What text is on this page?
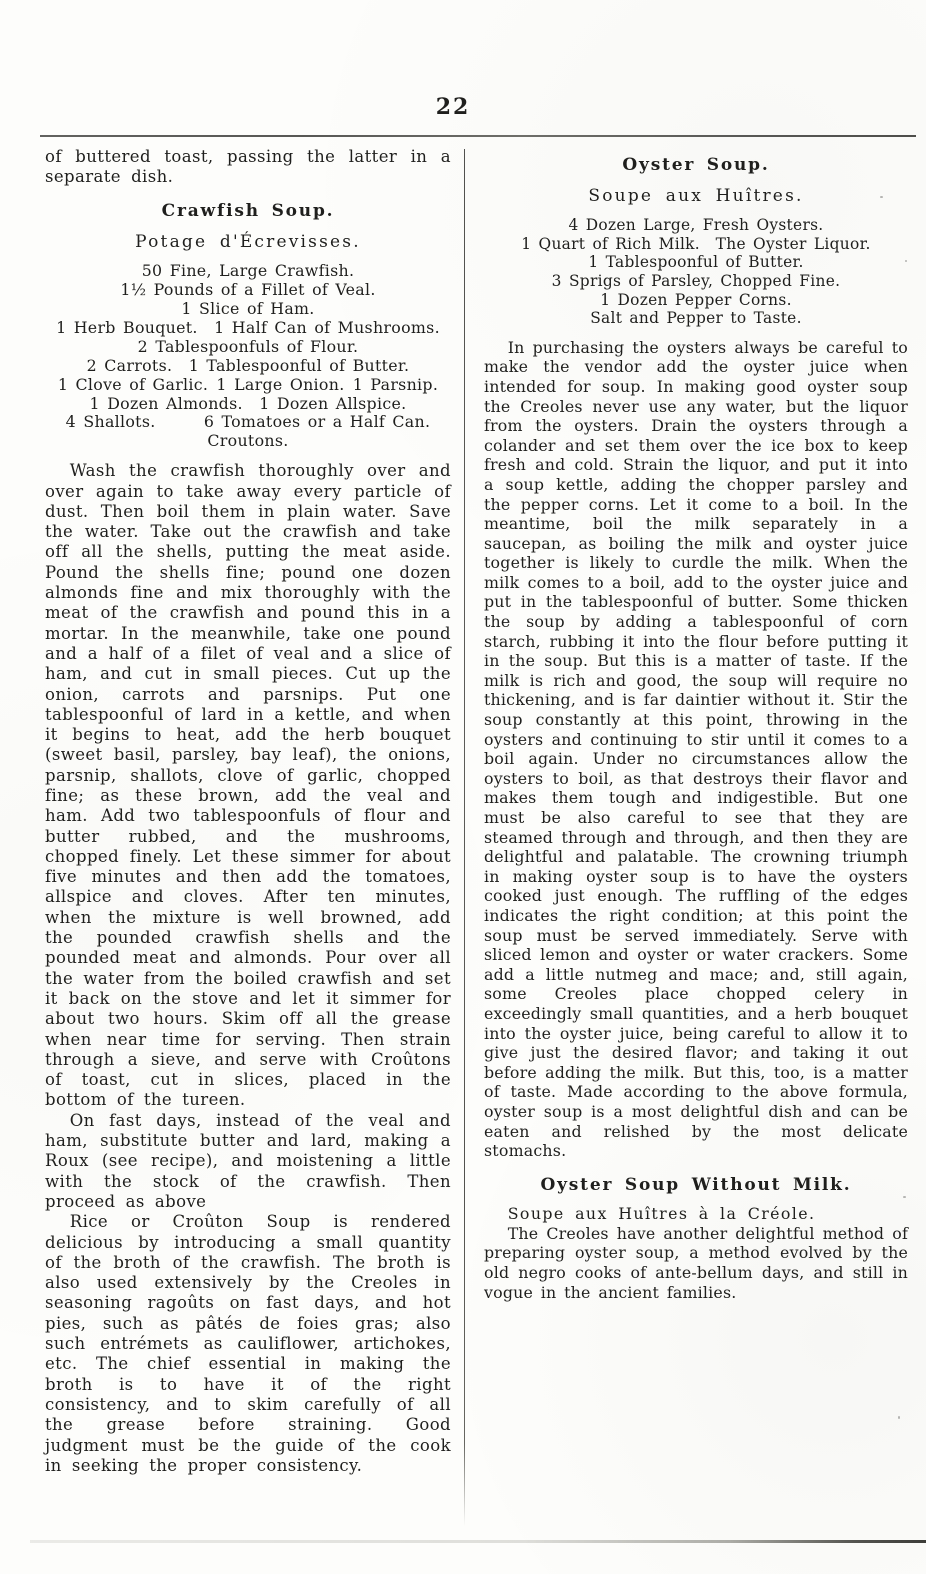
22

of buttered toast, passing the latter in a separate dish.

Crawfish Soup.
Potage d'Écrevisses.
50 Fine, Large Crawfish.
1½ Pounds of a Fillet of Veal.
1 Slice of Ham.
1 Herb Bouquet.  1 Half Can of Mushrooms.
2 Tablespoonfuls of Flour.
2 Carrots.  1 Tablespoonful of Butter.
1 Clove of Garlic. 1 Large Onion. 1 Parsnip.
1 Dozen Almonds.  1 Dozen Allspice.
4 Shallots.   6 Tomatoes or a Half Can.
Croutons.

Wash the crawfish thoroughly over and over again to take away every particle of dust. Then boil them in plain water. Save the water. Take out the crawfish and take off all the shells, putting the meat aside. Pound the shells fine; pound one dozen almonds fine and mix thoroughly with the meat of the crawfish and pound this in a mortar. In the meanwhile, take one pound and a half of a filet of veal and a slice of ham, and cut in small pieces. Cut up the onion, carrots and parsnips. Put one tablespoonful of lard in a kettle, and when it begins to heat, add the herb bouquet (sweet basil, parsley, bay leaf), the onions, parsnip, shallots, clove of garlic, chopped fine; as these brown, add the veal and ham. Add two tablespoonfuls of flour and butter rubbed, and the mushrooms, chopped finely. Let these simmer for about five minutes and then add the tomatoes, allspice and cloves. After ten minutes, when the mixture is well browned, add the pounded crawfish shells and the pounded meat and almonds. Pour over all the water from the boiled crawfish and set it back on the stove and let it simmer for about two hours. Skim off all the grease when near time for serving. Then strain through a sieve, and serve with Croûtons of toast, cut in slices, placed in the bottom of the tureen.

On fast days, instead of the veal and ham, substitute butter and lard, making a Roux (see recipe), and moistening a little with the stock of the crawfish. Then proceed as above

Rice or Croûton Soup is rendered delicious by introducing a small quantity of the broth of the crawfish. The broth is also used extensively by the Creoles in seasoning ragoûts on fast days, and hot pies, such as pâtés de foies gras; also such entrémets as cauliflower, artichokes, etc. The chief essential in making the broth is to have it of the right consistency, and to skim carefully of all the grease before straining. Good judgment must be the guide of the cook in seeking the proper consistency.

Oyster Soup.
Soupe aux Huîtres.
4 Dozen Large, Fresh Oysters.
1 Quart of Rich Milk. The Oyster Liquor.
1 Tablespoonful of Butter.
3 Sprigs of Parsley, Chopped Fine.
1 Dozen Pepper Corns.
Salt and Pepper to Taste.

In purchasing the oysters always be careful to make the vendor add the oyster juice when intended for soup. In making good oyster soup the Creoles never use any water, but the liquor from the oysters. Drain the oysters through a colander and set them over the ice box to keep fresh and cold. Strain the liquor, and put it into a soup kettle, adding the chopper parsley and the pepper corns. Let it come to a boil. In the meantime, boil the milk separately in a saucepan, as boiling the milk and oyster juice together is likely to curdle the milk. When the milk comes to a boil, add to the oyster juice and put in the tablespoonful of butter. Some thicken the soup by adding a tablespoonful of corn starch, rubbing it into the flour before putting it in the soup. But this is a matter of taste. If the milk is rich and good, the soup will require no thickening, and is far daintier without it. Stir the soup constantly at this point, throwing in the oysters and continuing to stir until it comes to a boil again. Under no circumstances allow the oysters to boil, as that destroys their flavor and makes them tough and indigestible. But one must be also careful to see that they are steamed through and through, and then they are delightful and palatable. The crowning triumph in making oyster soup is to have the oysters cooked just enough. The ruffling of the edges indicates the right condition; at this point the soup must be served immediately. Serve with sliced lemon and oyster or water crackers. Some add a little nutmeg and mace; and, still again, some Creoles place chopped celery in exceedingly small quantities, and a herb bouquet into the oyster juice, being careful to allow it to give just the desired flavor; and taking it out before adding the milk. But this, too, is a matter of taste. Made according to the above formula, oyster soup is a most delightful dish and can be eaten and relished by the most delicate stomachs.

Oyster Soup Without Milk.

Soupe aux Huîtres à la Créole.

The Creoles have another delightful method of preparing oyster soup, a method evolved by the old negro cooks of ante-bellum days, and still in vogue in the ancient families.
